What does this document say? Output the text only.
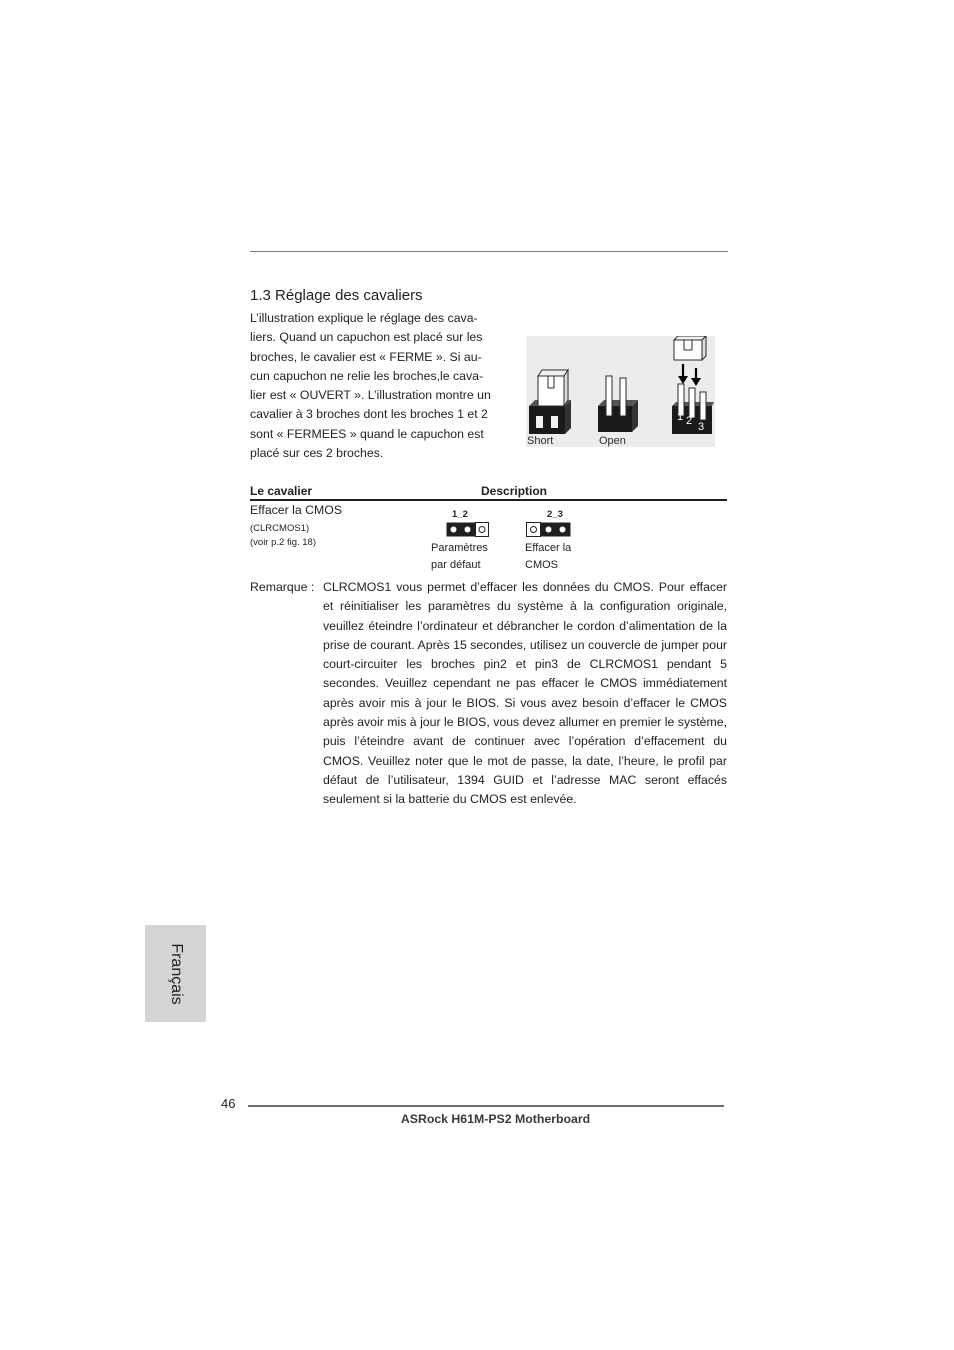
1.3 Réglage des cavaliers

L’illustration explique le réglage des cava-

liers. Quand un capuchon est placé sur les

broches, le cavalier est « FERME ». Si au-

cun capuchon ne relie les broches,le cava-

lier est « OUVERT ». L’illustration montre un

cavalier à 3 broches dont les broches 1 et 2

sont « FERMEES » quand le capuchon est

placé sur ces 2 broches.

1 2 3
Short	Open
Le cavalier	Description
Effacer la CMOS
(CLRCMOS1)
(voir p.2 fig. 18)
1_2
Paramètres
par défaut
2_3
Effacer la
CMOS
Remarque : CLRCMOS1 vous permet d’effacer les données du CMOS. Pour effacer et réinitialiser les paramètres du système à la configuration originale, veuillez éteindre l’ordinateur et débrancher le cordon d’alimentation de la prise de courant. Après 15 secondes, utilisez un couvercle de jumper pour court-circuiter les broches pin2 et pin3 de CLRCMOS1 pendant 5 secondes. Veuillez cependant ne pas effacer le CMOS immédiatement après avoir mis à jour le BIOS. Si vous avez besoin d’effacer le CMOS après avoir mis à jour le BIOS, vous devez allumer en premier le système, puis l’éteindre avant de continuer avec l’opération d’effacement du CMOS. Veuillez noter que le mot de passe, la date, l’heure, le profil par défaut de l’utilisateur, 1394 GUID et l’adresse MAC seront effacés seulement si la batterie du CMOS est enlevée.

Français
46
ASRock H61M-PS2 Motherboard
